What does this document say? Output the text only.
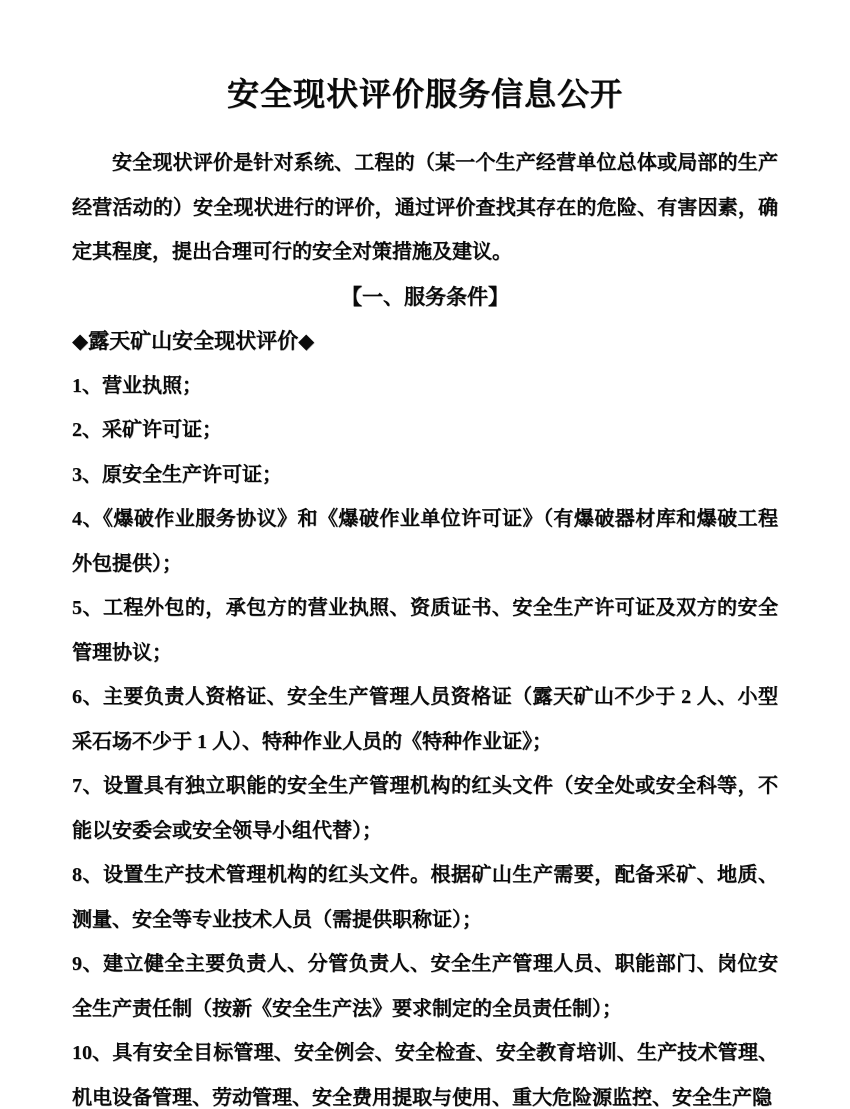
安全现状评价服务信息公开
安全现状评价是针对系统、工程的（某一个生产经营单位总体或局部的生产经营活动的）安全现状进行的评价，通过评价查找其存在的危险、有害因素，确定其程度，提出合理可行的安全对策措施及建议。
【一、服务条件】
◆露天矿山安全现状评价◆
1、营业执照；
2、采矿许可证；
3、原安全生产许可证；
4、《爆破作业服务协议》和《爆破作业单位许可证》（有爆破器材库和爆破工程外包提供）；
5、工程外包的，承包方的营业执照、资质证书、安全生产许可证及双方的安全管理协议；
6、主要负责人资格证、安全生产管理人员资格证（露天矿山不少于 2 人、小型采石场不少于 1 人）、特种作业人员的《特种作业证》；
7、设置具有独立职能的安全生产管理机构的红头文件（安全处或安全科等，不能以安委会或安全领导小组代替）；
8、设置生产技术管理机构的红头文件。根据矿山生产需要，配备采矿、地质、测量、安全等专业技术人员（需提供职称证）；
9、建立健全主要负责人、分管负责人、安全生产管理人员、职能部门、岗位安全生产责任制（按新《安全生产法》要求制定的全员责任制）；
10、具有安全目标管理、安全例会、安全检查、安全教育培训、生产技术管理、机电设备管理、劳动管理、安全费用提取与使用、重大危险源监控、安全生产隐
